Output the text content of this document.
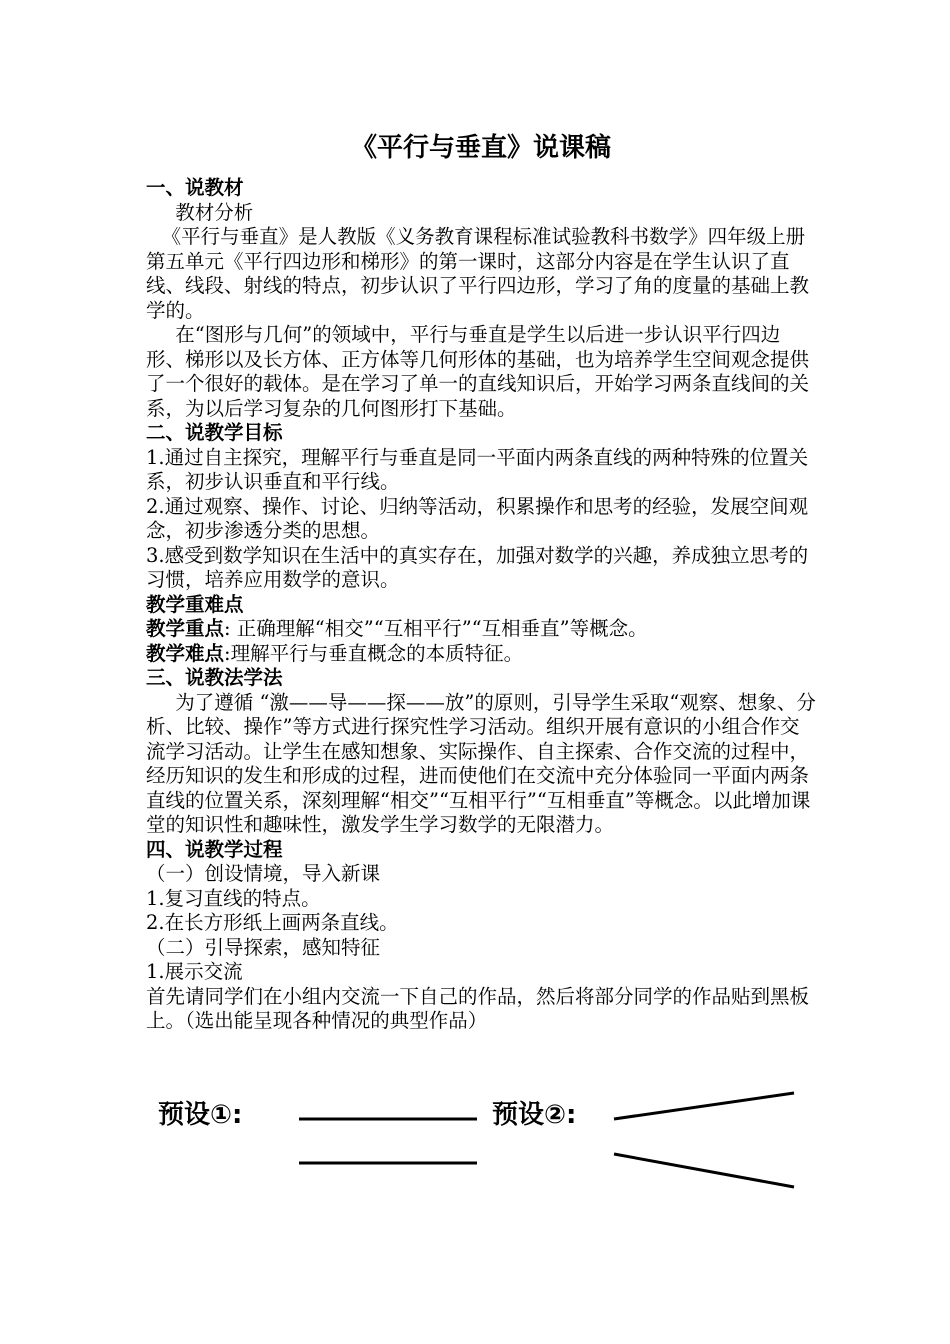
《平行与垂直》说课稿
一、说教材

教材分析

《平行与垂直》是人教版《义务教育课程标准试验教科书数学》四年级上册第五单元《平行四边形和梯形》的第一课时，这部分内容是在学生认识了直线、线段、射线的特点，初步认识了平行四边形，学习了角的度量的基础上教学的。

在“图形与几何”的领域中，平行与垂直是学生以后进一步认识平行四边形、梯形以及长方体、正方体等几何形体的基础，也为培养学生空间观念提供了一个很好的载体。是在学习了单一的直线知识后，开始学习两条直线间的关系，为以后学习复杂的几何图形打下基础。

二、说教学目标

1.通过自主探究，理解平行与垂直是同一平面内两条直线的两种特殊的位置关系，初步认识垂直和平行线。

2.通过观察、操作、讨论、归纳等活动，积累操作和思考的经验，发展空间观念，初步渗透分类的思想。

3.感受到数学知识在生活中的真实存在，加强对数学的兴趣，养成独立思考的习惯，培养应用数学的意识。

教学重难点

教学重点: 正确理解“相交”“互相平行”“互相垂直”等概念。

教学难点:理解平行与垂直概念的本质特征。

三、说教法学法

为了遵循 “激——导——探——放”的原则，引导学生采取“观察、想象、分析、比较、操作”等方式进行探究性学习活动。组织开展有意识的小组合作交流学习活动。让学生在感知想象、实际操作、自主探索、合作交流的过程中，经历知识的发生和形成的过程，进而使他们在交流中充分体验同一平面内两条直线的位置关系，深刻理解“相交”“互相平行”“互相垂直”等概念。以此增加课堂的知识性和趣味性，激发学生学习数学的无限潜力。

四、说教学过程

（一）创设情境，导入新课

1.复习直线的特点。

2.在长方形纸上画两条直线。

（二）引导探索，感知特征

1.展示交流

首先请同学们在小组内交流一下自己的作品，然后将部分同学的作品贴到黑板上。（选出能呈现各种情况的典型作品）

预设①:	预设②:
